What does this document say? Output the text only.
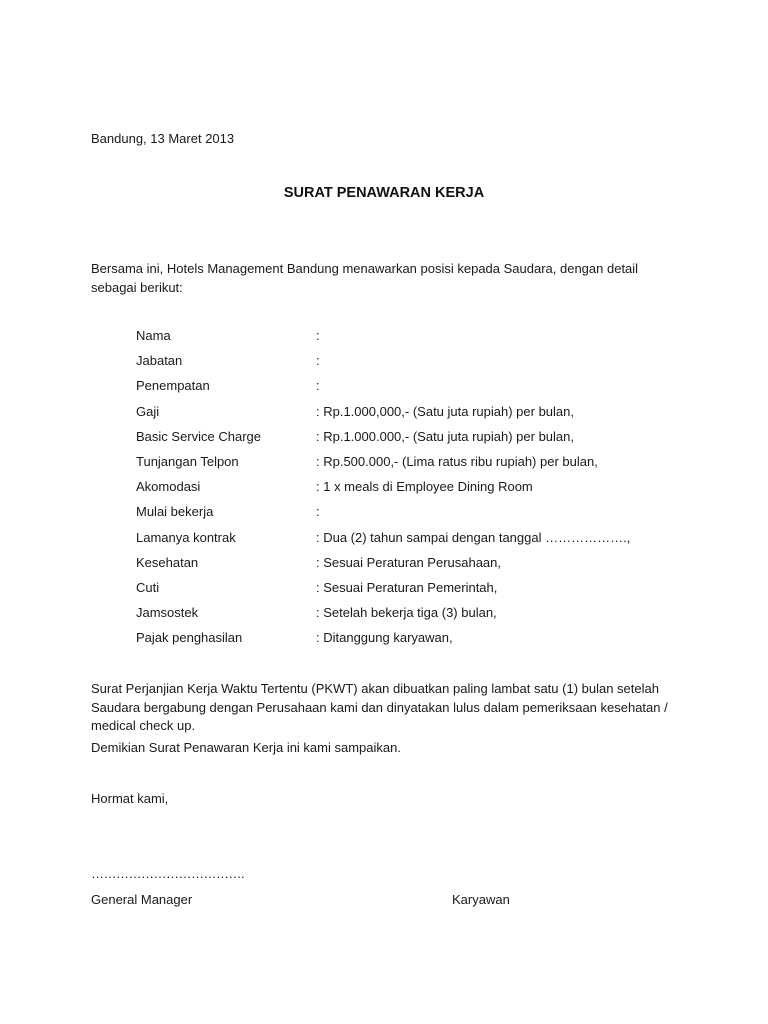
Bandung, 13 Maret 2013
SURAT PENAWARAN KERJA
Bersama ini, Hotels Management Bandung menawarkan posisi kepada Saudara, dengan detail sebagai berikut:
Nama	:
Jabatan	:
Penempatan	:
Gaji	: Rp.1.000,000,- (Satu juta rupiah) per bulan,
Basic Service Charge	: Rp.1.000.000,- (Satu juta rupiah) per bulan,
Tunjangan Telpon	: Rp.500.000,- (Lima ratus ribu rupiah) per bulan,
Akomodasi	: 1 x meals di Employee Dining Room
Mulai bekerja	:
Lamanya kontrak	: Dua (2) tahun sampai dengan tanggal ……………….,
Kesehatan	: Sesuai Peraturan Perusahaan,
Cuti	: Sesuai Peraturan Pemerintah,
Jamsostek	: Setelah bekerja tiga (3) bulan,
Pajak penghasilan	: Ditanggung karyawan,
Surat Perjanjian Kerja Waktu Tertentu (PKWT) akan dibuatkan paling lambat satu (1) bulan setelah Saudara bergabung dengan Perusahaan kami dan dinyatakan lulus dalam pemeriksaan kesehatan / medical check up.
Demikian Surat Penawaran Kerja ini kami sampaikan.
Hormat kami,
……………………………….
General Manager	Karyawan
